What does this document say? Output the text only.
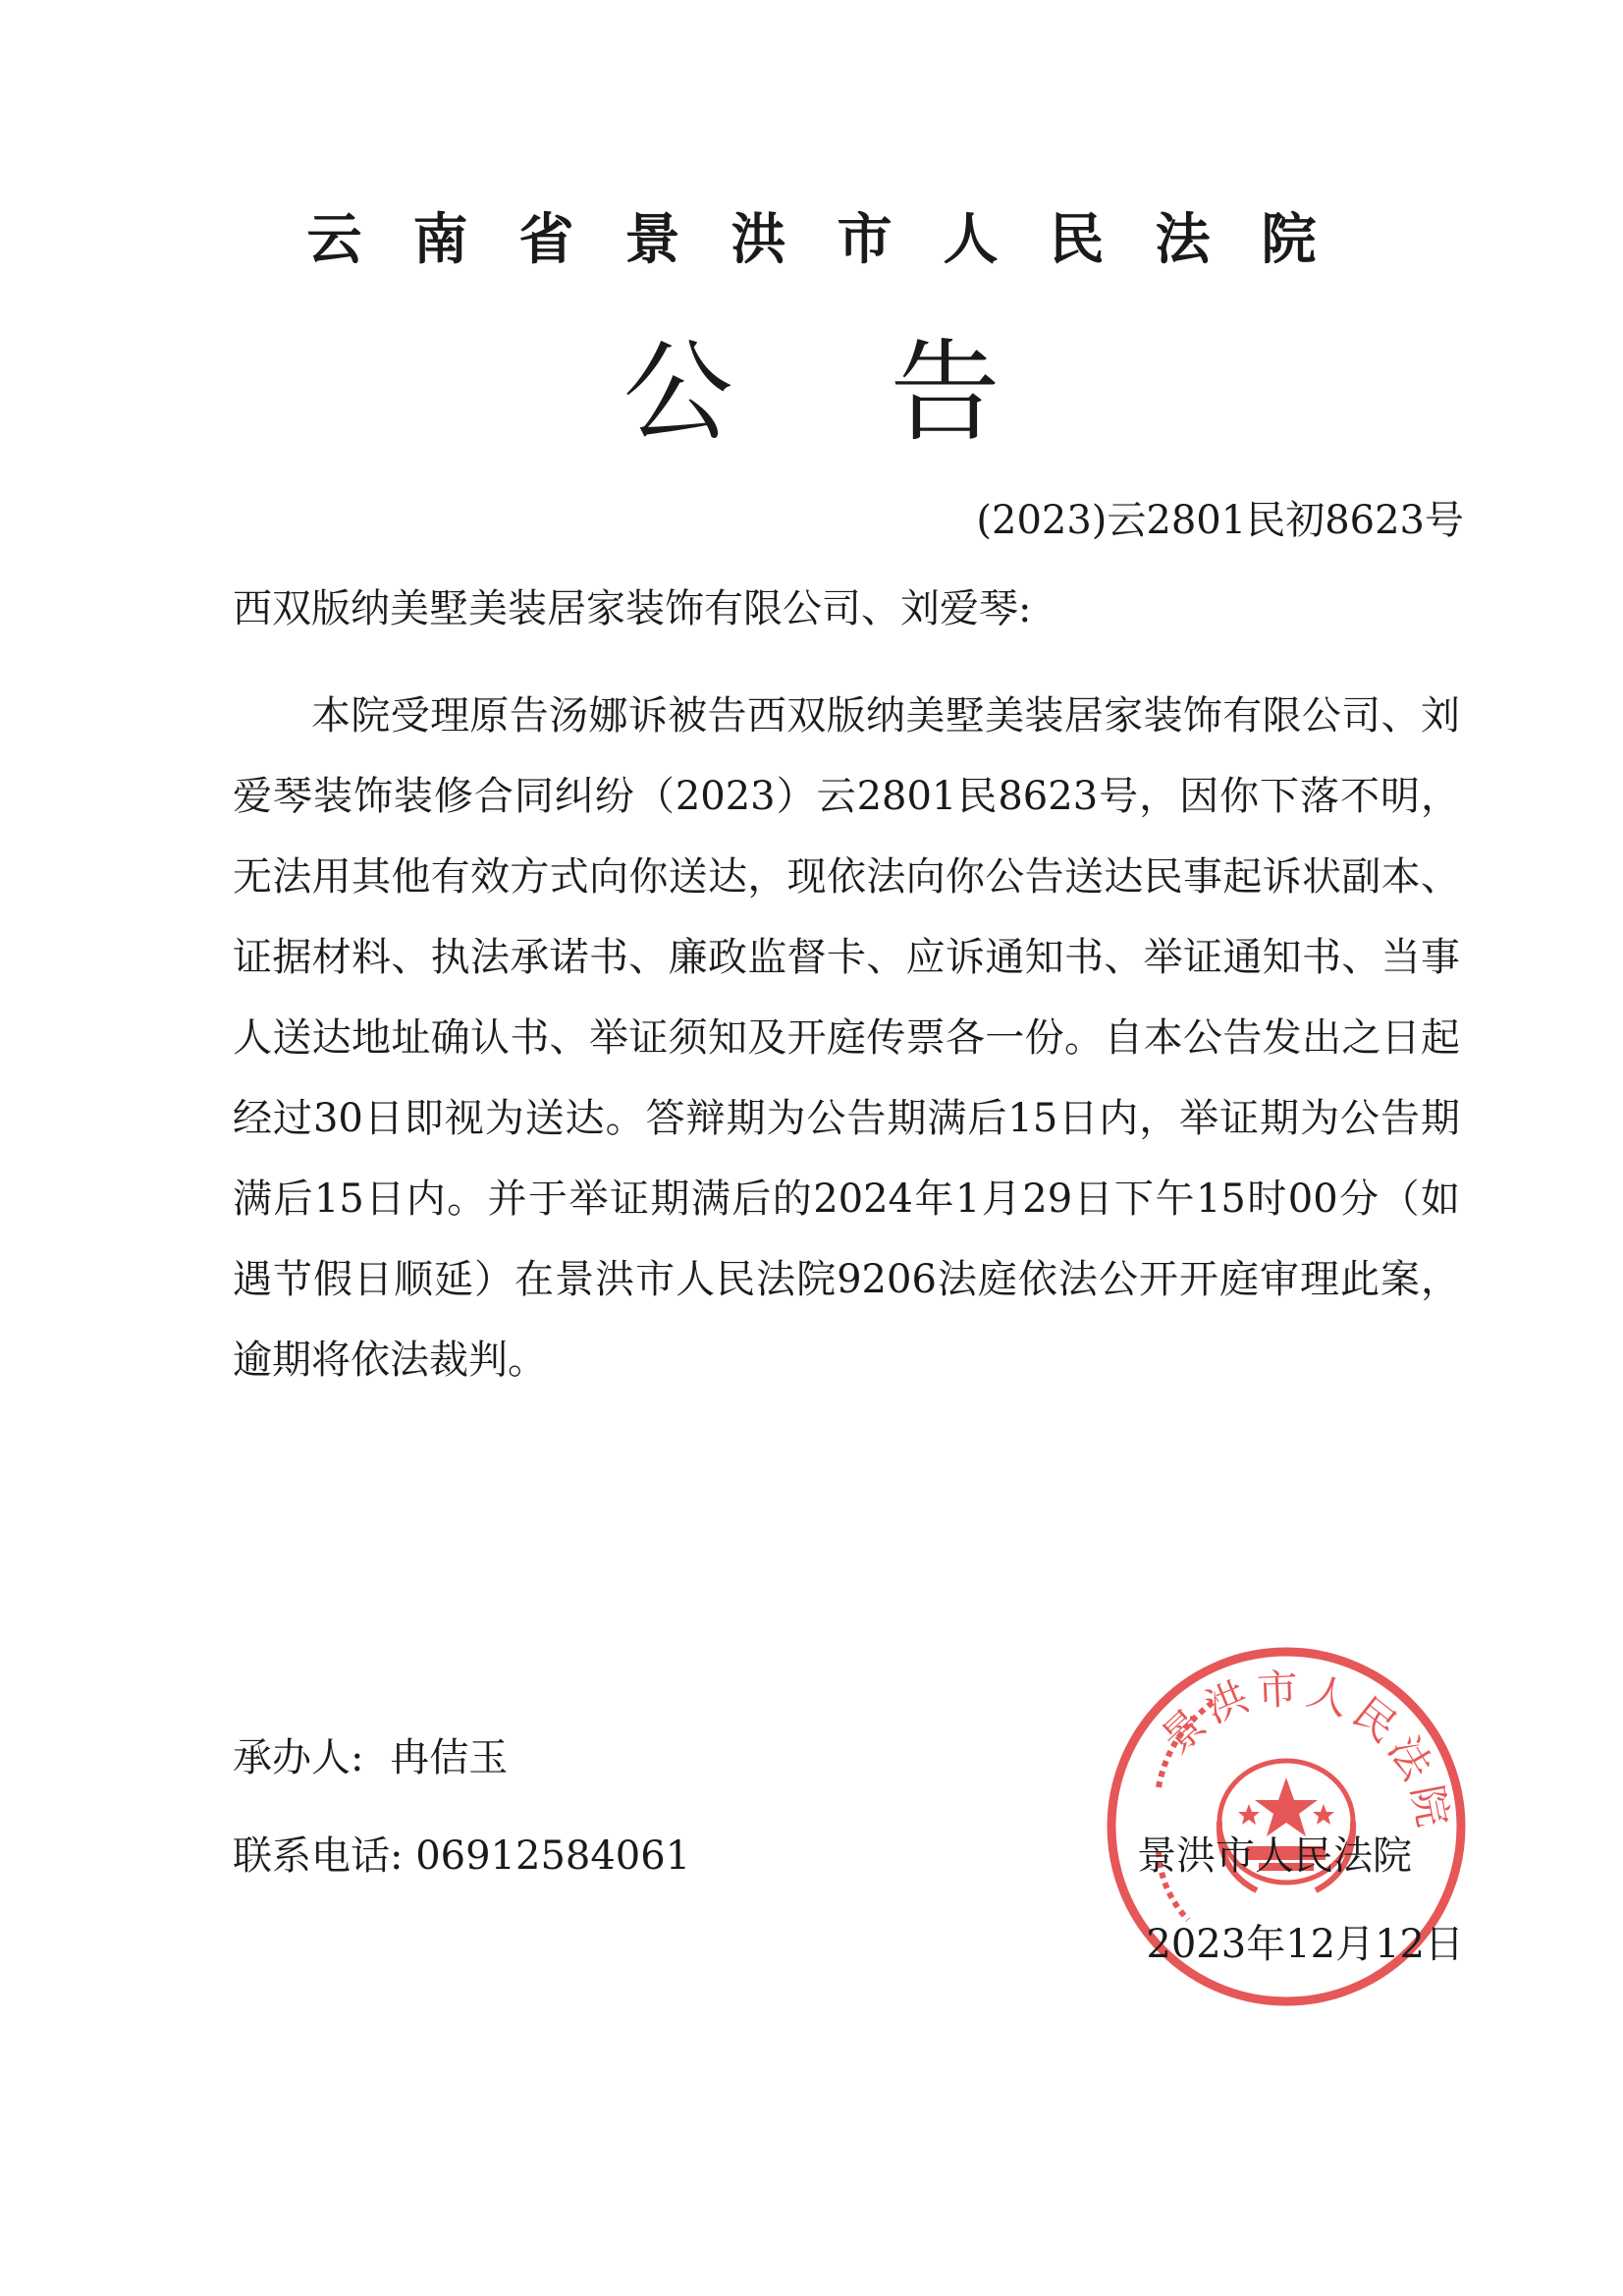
云南省景洪市人民法院
公告
(2023)云2801民初8623号
西双版纳美墅美装居家装饰有限公司、刘爱琴:

本院受理原告汤娜诉被告西双版纳美墅美装居家装饰有限公司、刘爱琴装饰装修合同纠纷（2023）云2801民8623号，因你下落不明，无法用其他有效方式向你送达，现依法向你公告送达民事起诉状副本、证据材料、执法承诺书、廉政监督卡、应诉通知书、举证通知书、当事人送达地址确认书、举证须知及开庭传票各一份。自本公告发出之日起经过30日即视为送达。答辩期为公告期满后15日内，举证期为公告期满后15日内。并于举证期满后的2024年1月29日下午15时00分（如遇节假日顺延）在景洪市人民法院9206法庭依法公开开庭审理此案，逾期将依法裁判。

承办人: 冉佶玉
联系电话: 06912584061
景洪市人民法院
景洪市人民法院
2023年12月12日
